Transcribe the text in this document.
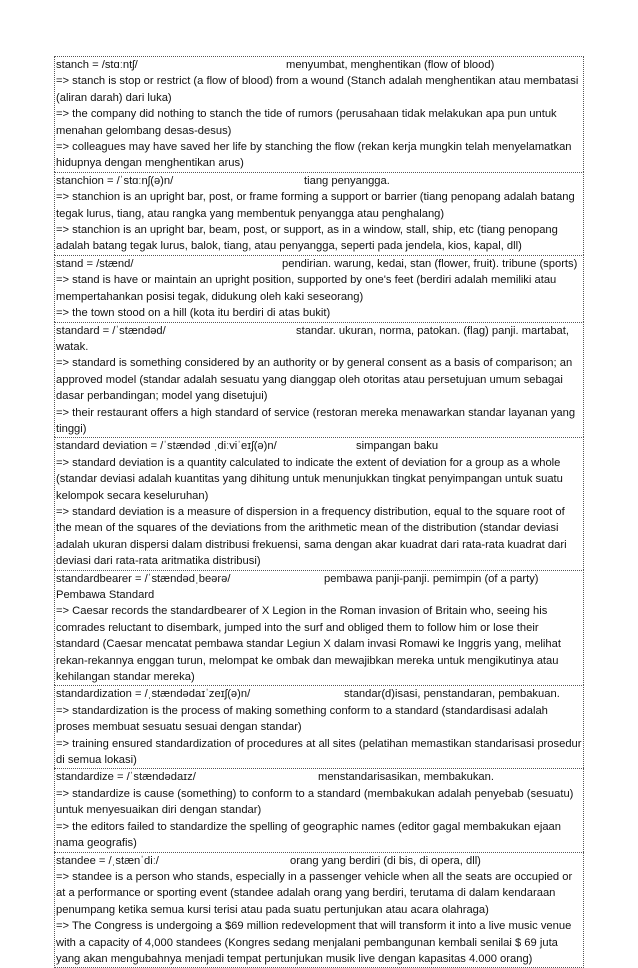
stanch = /stɑːntʃ/	menyumbat, menghentikan (flow of blood)
=> stanch is stop or restrict (a flow of blood) from a wound (Stanch adalah menghentikan atau membatasi (aliran darah) dari luka)
=> the company did nothing to stanch the tide of rumors (perusahaan tidak melakukan apa pun untuk menahan gelombang desas-desus)
=> colleagues may have saved her life by stanching the flow (rekan kerja mungkin telah menyelamatkan hidupnya dengan menghentikan arus)
stanchion = /ˈstɑːnʃ(ə)n/	tiang penyangga.
=> stanchion is an upright bar, post, or frame forming a support or barrier (tiang penopang adalah batang tegak lurus, tiang, atau rangka yang membentuk penyangga atau penghalang)
=> stanchion is an upright bar, beam, post, or support, as in a window, stall, ship, etc (tiang penopang adalah batang tegak lurus, balok, tiang, atau penyangga, seperti pada jendela, kios, kapal, dll)
stand = /stænd/	pendirian. warung, kedai, stan (flower, fruit). tribune (sports)
=> stand is have or maintain an upright position, supported by one's feet (berdiri adalah memiliki atau mempertahankan posisi tegak, didukung oleh kaki seseorang)
=> the town stood on a hill (kota itu berdiri di atas bukit)
standard = /ˈstændəd/	standar. ukuran, norma, patokan. (flag) panji. martabat, watak.
=> standard is something considered by an authority or by general consent as a basis of comparison; an approved model (standar adalah sesuatu yang dianggap oleh otoritas atau persetujuan umum sebagai dasar perbandingan; model yang disetujui)
=> their restaurant offers a high standard of service (restoran mereka menawarkan standar layanan yang tinggi)
standard deviation = /ˈstændəd ˌdiːviˈeɪʃ(ə)n/	simpangan baku
=> standard deviation is a quantity calculated to indicate the extent of deviation for a group as a whole (standar deviasi adalah kuantitas yang dihitung untuk menunjukkan tingkat penyimpangan untuk suatu kelompok secara keseluruhan)
=> standard deviation is a measure of dispersion in a frequency distribution, equal to the square root of the mean of the squares of the deviations from the arithmetic mean of the distribution (standar deviasi adalah ukuran dispersi dalam distribusi frekuensi, sama dengan akar kuadrat dari rata-rata kuadrat dari deviasi dari rata-rata aritmatika distribusi)
standardbearer = /ˈstændədˌbeərə/	pembawa panji-panji. pemimpin (of a party) Pembawa Standard
=> Caesar records the standardbearer of X Legion in the Roman invasion of Britain who, seeing his comrades reluctant to disembark, jumped into the surf and obliged them to follow him or lose their standard (Caesar mencatat pembawa standar Legiun X dalam invasi Romawi ke Inggris yang, melihat rekan-rekannya enggan turun, melompat ke ombak dan mewajibkan mereka untuk mengikutinya atau kehilangan standar mereka)
standardization = /ˌstændədaɪˈzeɪʃ(ə)n/	standar(d)isasi, penstandaran, pembakuan.
=> standardization is the process of making something conform to a standard (standardisasi adalah proses membuat sesuatu sesuai dengan standar)
=> training ensured standardization of procedures at all sites (pelatihan memastikan standarisasi prosedur di semua lokasi)
standardize = /ˈstændədaɪz/	menstandarisasikan, membakukan.
=> standardize is cause (something) to conform to a standard (membakukan adalah penyebab (sesuatu) untuk menyesuaikan diri dengan standar)
=> the editors failed to standardize the spelling of geographic names (editor gagal membakukan ejaan nama geografis)
standee = /ˌstænˈdiː/	orang yang berdiri (di bis, di opera, dll)
=> standee is a person who stands, especially in a passenger vehicle when all the seats are occupied or at a performance or sporting event (standee adalah orang yang berdiri, terutama di dalam kendaraan penumpang ketika semua kursi terisi atau pada suatu pertunjukan atau acara olahraga)
=> The Congress is undergoing a $69 million redevelopment that will transform it into a live music venue with a capacity of 4,000 standees (Kongres sedang menjalani pembangunan kembali senilai $ 69 juta yang akan mengubahnya menjadi tempat pertunjukan musik live dengan kapasitas 4.000 orang)
